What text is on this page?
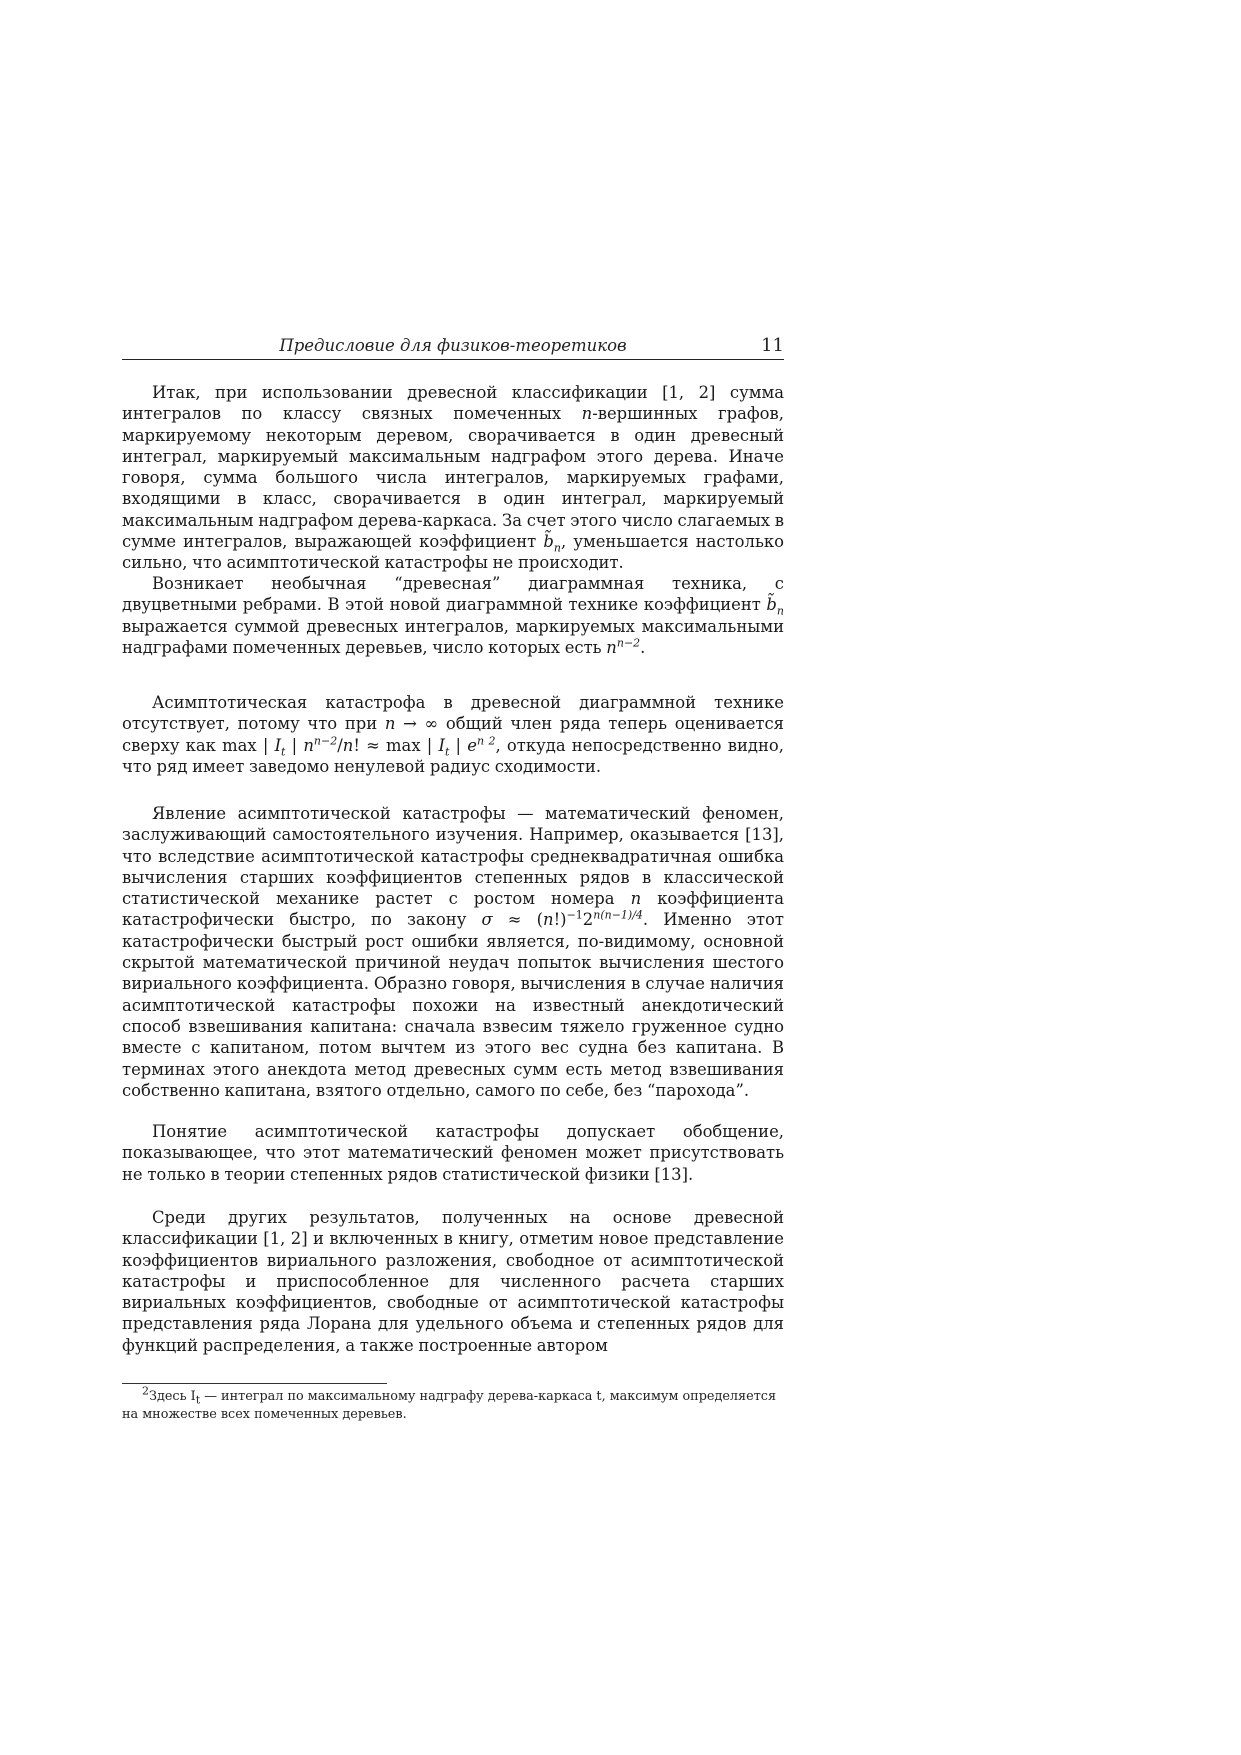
Предисловие для физиков-теоретиков	11
Итак, при использовании древесной классификации [1, 2] сумма интегралов по классу связных помеченных n-вершинных графов, маркируемому некоторым деревом, сворачивается в один древесный интеграл, маркируемый максимальным надграфом этого дерева. Иначе говоря, сумма большого числа интегралов, маркируемых графами, входящими в класс, сворачивается в один интеграл, маркируемый максимальным надграфом дерева-каркаса. За счет этого число слагаемых в сумме интегралов, выражающей коэффициент $b̃_n$, уменьшается настолько сильно, что асимптотической катастрофы не происходит.
Возникает необычная “древесная” диаграммная техника, с двуцветными ребрами. В этой новой диаграммной технике коэффициент $b̃_n$ выражается суммой древесных интегралов, маркируемых максимальными надграфами помеченных деревьев, число которых есть $n^{n-2}$.
Асимптотическая катастрофа в древесной диаграммной технике отсутствует, потому что при n → ∞ общий член ряда теперь оценивается сверху как max | $I_t$ | $n^{n-2}/n$! ≈ max | $I_t$ | $e^{n 2}$, откуда непосредственно видно, что ряд имеет заведомо ненулевой радиус сходимости.
Явление асимптотической катастрофы — математический феномен, заслуживающий самостоятельного изучения. Например, оказывается [13], что вследствие асимптотической катастрофы среднеквадратичная ошибка вычисления старших коэффициентов степенных рядов в классической статистической механике растет с ростом номера n коэффициента катастрофически быстро, по закону $\sigma \approx (n!)^{-1}2^{n(n-1)/4}$. Именно этот катастрофически быстрый рост ошибки является, по-видимому, основной скрытой математической причиной неудач попыток вычисления шестого вириального коэффициента. Образно говоря, вычисления в случае наличия асимптотической катастрофы похожи на известный анекдотический способ взвешивания капитана: сначала взвесим тяжело груженное судно вместе с капитаном, потом вычтем из этого вес судна без капитана. В терминах этого анекдота метод древесных сумм есть метод взвешивания собственно капитана, взятого отдельно, самого по себе, без “парохода”.
Понятие асимптотической катастрофы допускает обобщение, показывающее, что этот математический феномен может присутствовать не только в теории степенных рядов статистической физики [13].
Среди других результатов, полученных на основе древесной классификации [1, 2] и включенных в книгу, отметим новое представление коэффициентов вириального разложения, свободное от асимптотической катастрофы и приспособленное для численного расчета старших вириальных коэффициентов, свободные от асимптотической катастрофы представления ряда Лорана для удельного объема и степенных рядов для функций распределения, а также построенные автором
$^2$Здесь $I_t$ — интеграл по максимальному надграфу дерева-каркаса t, максимум определяется на множестве всех помеченных деревьев.
